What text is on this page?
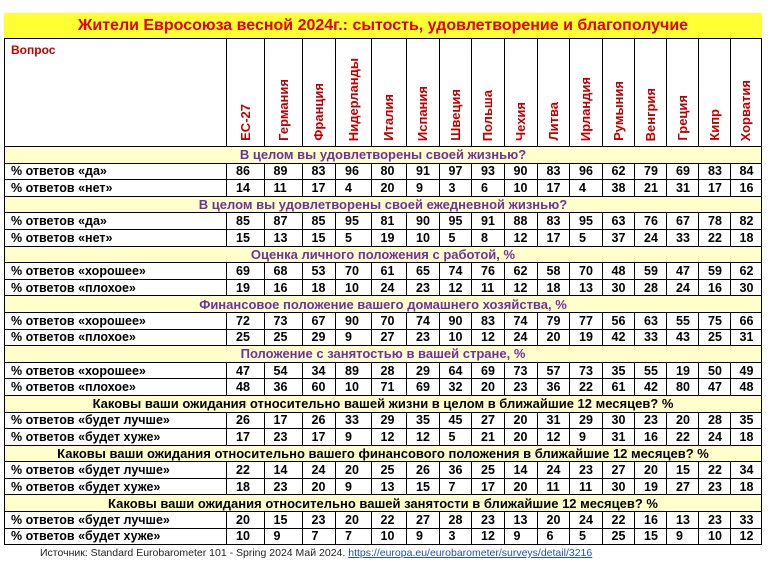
Жители Евросоюза весной 2024г.: сытость, удовлетворение и благополучие
Вопрос
ЕС-27 Германия Франция Нидерланды Италия Испания Швеция Польша Чехия Литва Ирландия Румыния Венгрия Греция Кипр Хорватия
В целом вы удовлетворены своей жизнью?
% ответов «да»	86	89	83	96	80	91	97	93	90	83	96	62	79	69	83	84
% ответов «нет»	14	11	17	4	20	9	3	6	10	17	4	38	21	31	17	16
В целом вы удовлетворены своей ежедневной жизнью?
% ответов «да»	85	87	85	95	81	90	95	91	88	83	95	63	76	67	78	82
% ответов «нет»	15	13	15	5	19	10	5	8	12	17	5	37	24	33	22	18
Оценка личного положения с работой, %
% ответов «хорошее»	69	68	53	70	61	65	74	76	62	58	70	48	59	47	59	62
% ответов «плохое»	19	16	18	10	24	23	12	11	12	18	13	30	28	24	16	30
Финансовое положение вашего домашнего хозяйства, %
% ответов «хорошее»	72	73	67	90	70	74	90	83	74	79	77	56	63	55	75	66
% ответов «плохое»	25	25	29	9	27	23	10	12	24	20	19	42	33	43	25	31
Положение с занятостью в вашей стране, %
% ответов «хорошее»	47	54	34	89	28	29	64	69	73	57	73	35	55	19	50	49
% ответов «плохое»	48	36	60	10	71	69	32	20	23	36	22	61	42	80	47	48
Каковы ваши ожидания относительно вашей жизни в целом в ближайшие 12 месяцев? %
% ответов «будет лучше»	26	17	26	33	29	35	45	27	20	31	29	30	23	20	28	35
% ответов «будет хуже»	17	23	17	9	12	12	5	21	20	12	9	31	16	22	24	18
Каковы ваши ожидания относительно вашего финансового положения в ближайшие 12 месяцев? %
% ответов «будет лучше»	22	14	24	20	25	26	36	25	14	24	23	27	20	15	22	34
% ответов «будет хуже»	18	23	20	9	13	15	7	17	20	11	11	30	19	27	23	18
Каковы ваши ожидания относительно вашей занятости в ближайшие 12 месяцев? %
% ответов «будет лучше»	20	15	23	20	22	27	28	23	13	20	24	22	16	13	23	33
% ответов «будет хуже»	10	9	7	7	10	9	3	12	9	6	5	25	15	9	10	12
Источник: Standard Eurobarometer 101 - Spring 2024 Май 2024. https://europa.eu/eurobarometer/surveys/detail/3216
